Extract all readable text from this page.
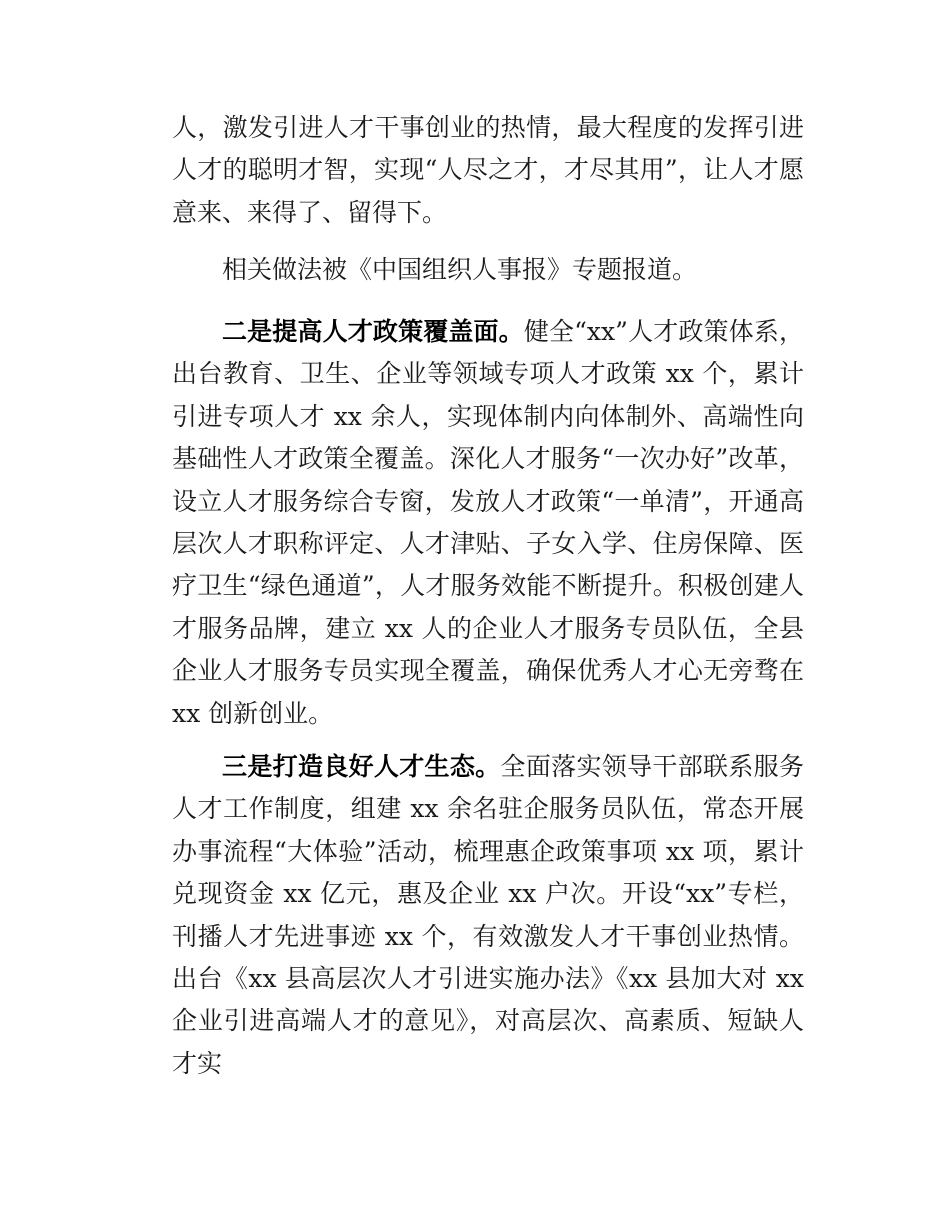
人，激发引进人才干事创业的热情，最大程度的发挥引进人才的聪明才智，实现“人尽之才，才尽其用”，让人才愿意来、来得了、留得下。

相关做法被《中国组织人事报》专题报道。

二是提高人才政策覆盖面。健全“xx”人才政策体系，出台教育、卫生、企业等领域专项人才政策 xx 个，累计引进专项人才 xx 余人，实现体制内向体制外、高端性向基础性人才政策全覆盖。深化人才服务“一次办好”改革，设立人才服务综合专窗，发放人才政策“一单清”，开通高层次人才职称评定、人才津贴、子女入学、住房保障、医疗卫生“绿色通道”，人才服务效能不断提升。积极创建人才服务品牌，建立 xx 人的企业人才服务专员队伍，全县企业人才服务专员实现全覆盖，确保优秀人才心无旁骛在 xx 创新创业。

三是打造良好人才生态。全面落实领导干部联系服务人才工作制度，组建 xx 余名驻企服务员队伍，常态开展办事流程“大体验”活动，梳理惠企政策事项 xx 项，累计兑现资金 xx 亿元，惠及企业 xx 户次。开设“xx”专栏，刊播人才先进事迹 xx 个，有效激发人才干事创业热情。出台《xx 县高层次人才引进实施办法》《xx 县加大对 xx 企业引进高端人才的意见》，对高层次、高素质、短缺人才实
